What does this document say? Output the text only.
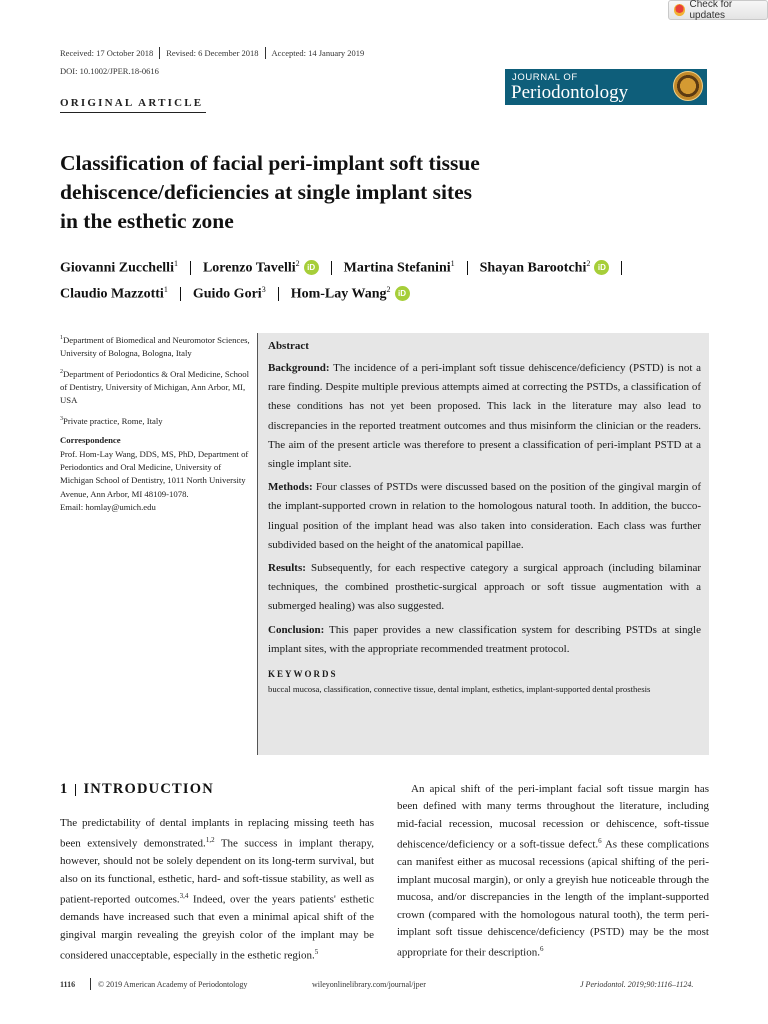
Check for updates
Received: 17 October 2018 Revised: 6 December 2018 Accepted: 14 January 2019
DOI: 10.1002/JPER.18-0616
ORIGINAL ARTICLE
JOURNAL OF
Periodontology
Classification of facial peri-implant soft tissue
dehiscence/deficiencies at single implant sites
in the esthetic zone
Giovanni Zucchelli$^1$ Lorenzo Tavelli$^2$ iD Martina Stefanini$^1$ Shayan Barootchi$^2$ iD
Claudio Mazzotti$^1$ Guido Gori$^3$ Hom-Lay Wang$^2$ iD

$^1$Department of Biomedical and Neuromotor Sciences, University of Bologna, Bologna, Italy

$^2$Department of Periodontics & Oral Medicine, School of Dentistry, University of Michigan, Ann Arbor, MI, USA

$^3$Private practice, Rome, Italy

Correspondence
Prof. Hom-Lay Wang, DDS, MS, PhD, Department of Periodontics and Oral Medicine, University of Michigan School of Dentistry, 1011 North University Avenue, Ann Arbor, MI 48109-1078.
Email: homlay@umich.edu

Abstract

Background: The incidence of a peri-implant soft tissue dehiscence/deficiency (PSTD) is not a rare finding. Despite multiple previous attempts aimed at correcting the PSTDs, a classification of these conditions has not yet been proposed. This lack in the literature may also lead to discrepancies in the reported treatment outcomes and thus misinform the clinician or the readers. The aim of the present article was therefore to present a classification of peri-implant PSTD at a single implant site.

Methods: Four classes of PSTDs were discussed based on the position of the gingival margin of the implant-supported crown in relation to the homologous natural tooth. In addition, the bucco-lingual position of the implant head was also taken into consideration. Each class was further subdivided based on the height of the anatomical papillae.

Results: Subsequently, for each respective category a surgical approach (including bilaminar techniques, the combined prosthetic-surgical approach or soft tissue augmentation with a submerged healing) was also suggested.

Conclusion: This paper provides a new classification system for describing PSTDs at single implant sites, with the appropriate recommended treatment protocol.

KEYWORDS
buccal mucosa, classification, connective tissue, dental implant, esthetics, implant-supported dental prosthesis
1 INTRODUCTION

The predictability of dental implants in replacing missing teeth has been extensively demonstrated.$^{1,2}$ The success in implant therapy, however, should not be solely dependent on its long-term survival, but also on its functional, esthetic, hard- and soft-tissue stability, as well as patient-reported outcomes.$^{3,4}$ Indeed, over the years patients' esthetic demands have increased such that even a minimal apical shift of the gingival margin revealing the greyish color of the implant may be considered unacceptable, especially in the esthetic region.$^5$

An apical shift of the peri-implant facial soft tissue margin has been defined with many terms throughout the literature, including mid-facial recession, mucosal recession or dehiscence, soft-tissue dehiscence/deficiency or a soft-tissue defect.$^6$ As these complications can manifest either as mucosal recessions (apical shifting of the peri-implant mucosal margin), or only a greyish hue noticeable through the mucosa, and/or discrepancies in the length of the implant-supported crown (compared with the homologous natural tooth), the term peri-implant soft tissue dehiscence/deficiency (PSTD) may be the most appropriate for their description.$^6$

1116	© 2019 American Academy of Periodontology	wileyonlinelibrary.com/journal/jper	J Periodontol. 2019;90:1116–1124.
